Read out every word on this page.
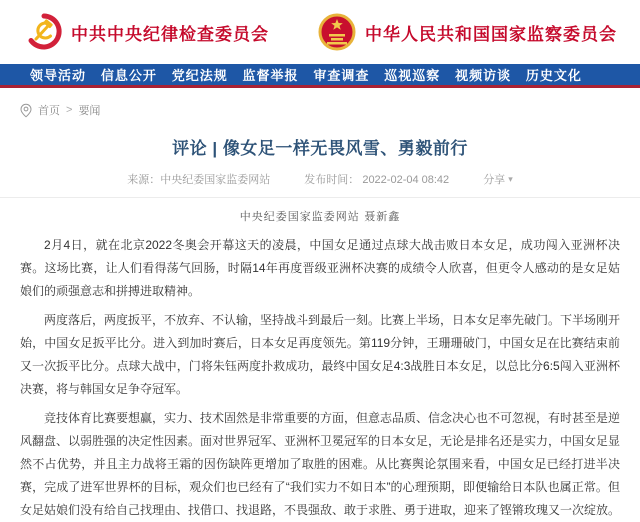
中共中央纪律检查委员会	中华人民共和国国家监察委员会
领导活动 信息公开 党纪法规 监督举报 审查调查 巡视巡察 视频访谈 历史文化
首页 > 要闻
评论 | 像女足一样无畏风雪、勇毅前行
来源：中央纪委国家监委网站	发布时间： 2022-02-04 08:42	分享 ▾
中央纪委国家监委网站 聂新鑫

2月4日，就在北京2022冬奥会开幕这天的凌晨，中国女足通过点球大战击败日本女足，成功闯入亚洲杯决赛。这场比赛，让人们看得荡气回肠，时隔14年再度晋级亚洲杯决赛的成绩令人欣喜，但更令人感动的是女足姑娘们的顽强意志和拼搏进取精神。

两度落后，两度扳平，不放弃、不认输，坚持战斗到最后一刻。比赛上半场，日本女足率先破门。下半场刚开始，中国女足扳平比分。进入到加时赛后，日本女足再度领先。第119分钟，王珊珊破门，中国女足在比赛结束前又一次扳平比分。点球大战中，门将朱钰两度扑救成功，最终中国女足4:3战胜日本女足，以总比分6:5闯入亚洲杯决赛，将与韩国女足争夺冠军。

竞技体育比赛要想赢，实力、技术固然是非常重要的方面，但意志品质、信念决心也不可忽视，有时甚至是逆风翻盘、以弱胜强的决定性因素。面对世界冠军、亚洲杯卫冕冠军的日本女足，无论是排名还是实力，中国女足显然不占优势，并且主力战将王霜的因伤缺阵更增加了取胜的困难。从比赛舆论氛围来看，中国女足已经打进半决赛，完成了进军世界杯的目标，观众们也已经有了“我们实力不如日本”的心理预期，即便输给日本队也属正常。但女足姑娘们没有给自己找理由、找借口、找退路，不畏强敌、敢于求胜、勇于进取，迎来了铿锵玫瑰又一次绽放。
